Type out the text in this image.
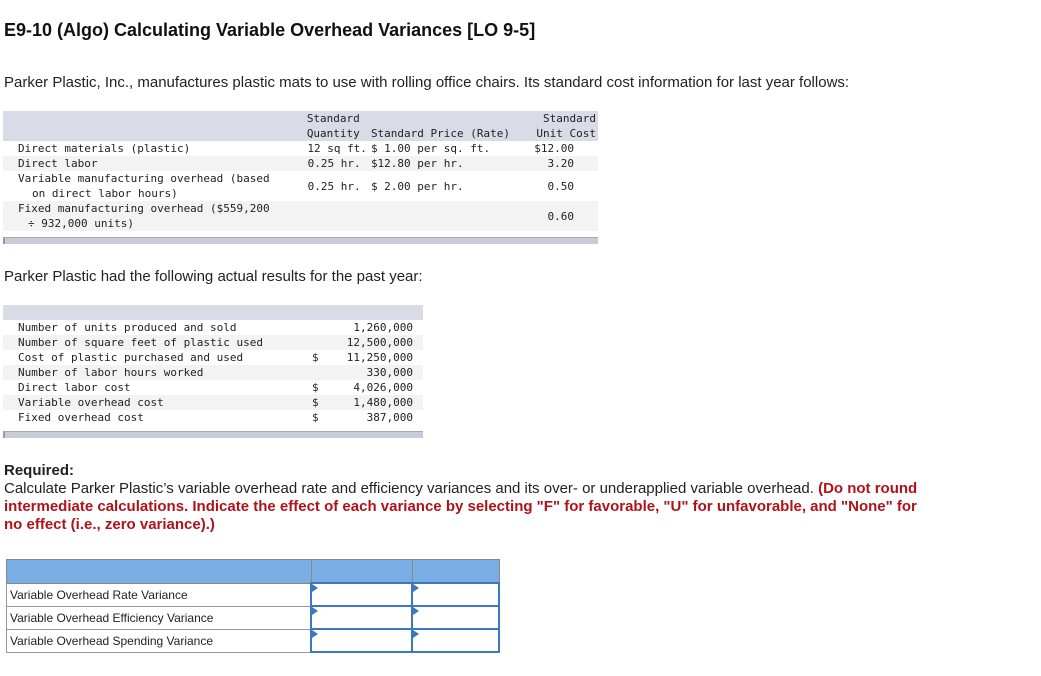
E9-10 (Algo) Calculating Variable Overhead Variances [LO 9-5]
Parker Plastic, Inc., manufactures plastic mats to use with rolling office chairs. Its standard cost information for last year follows:
	Standard		Standard
	Quantity	Standard Price (Rate)	Unit Cost
Direct materials (plastic)	12 sq ft.	$ 1.00 per sq. ft.	$12.00
Direct labor	0.25 hr.	$12.80 per hr.	3.20

Variable manufacturing overhead (based
on direct labor hours)	0.25 hr.	$ 2.00 per hr.	0.50

Fixed manufacturing overhead ($559,200
÷ 932,000 units)			0.60
Parker Plastic had the following actual results for the past year:
Number of units produced and sold		1,260,000
Number of square feet of plastic used		12,500,000
Cost of plastic purchased and used	$	11,250,000
Number of labor hours worked		330,000
Direct labor cost	$	4,026,000
Variable overhead cost	$	1,480,000
Fixed overhead cost	$	387,000
Required:
Calculate Parker Plastic’s variable overhead rate and efficiency variances and its over- or underapplied variable overhead. (Do not round intermediate calculations. Indicate the effect of each variance by selecting "F" for favorable, "U" for unfavorable, and "None" for no effect (i.e., zero variance).)

Variable Overhead Rate Variance		
Variable Overhead Efficiency Variance		
Variable Overhead Spending Variance		
